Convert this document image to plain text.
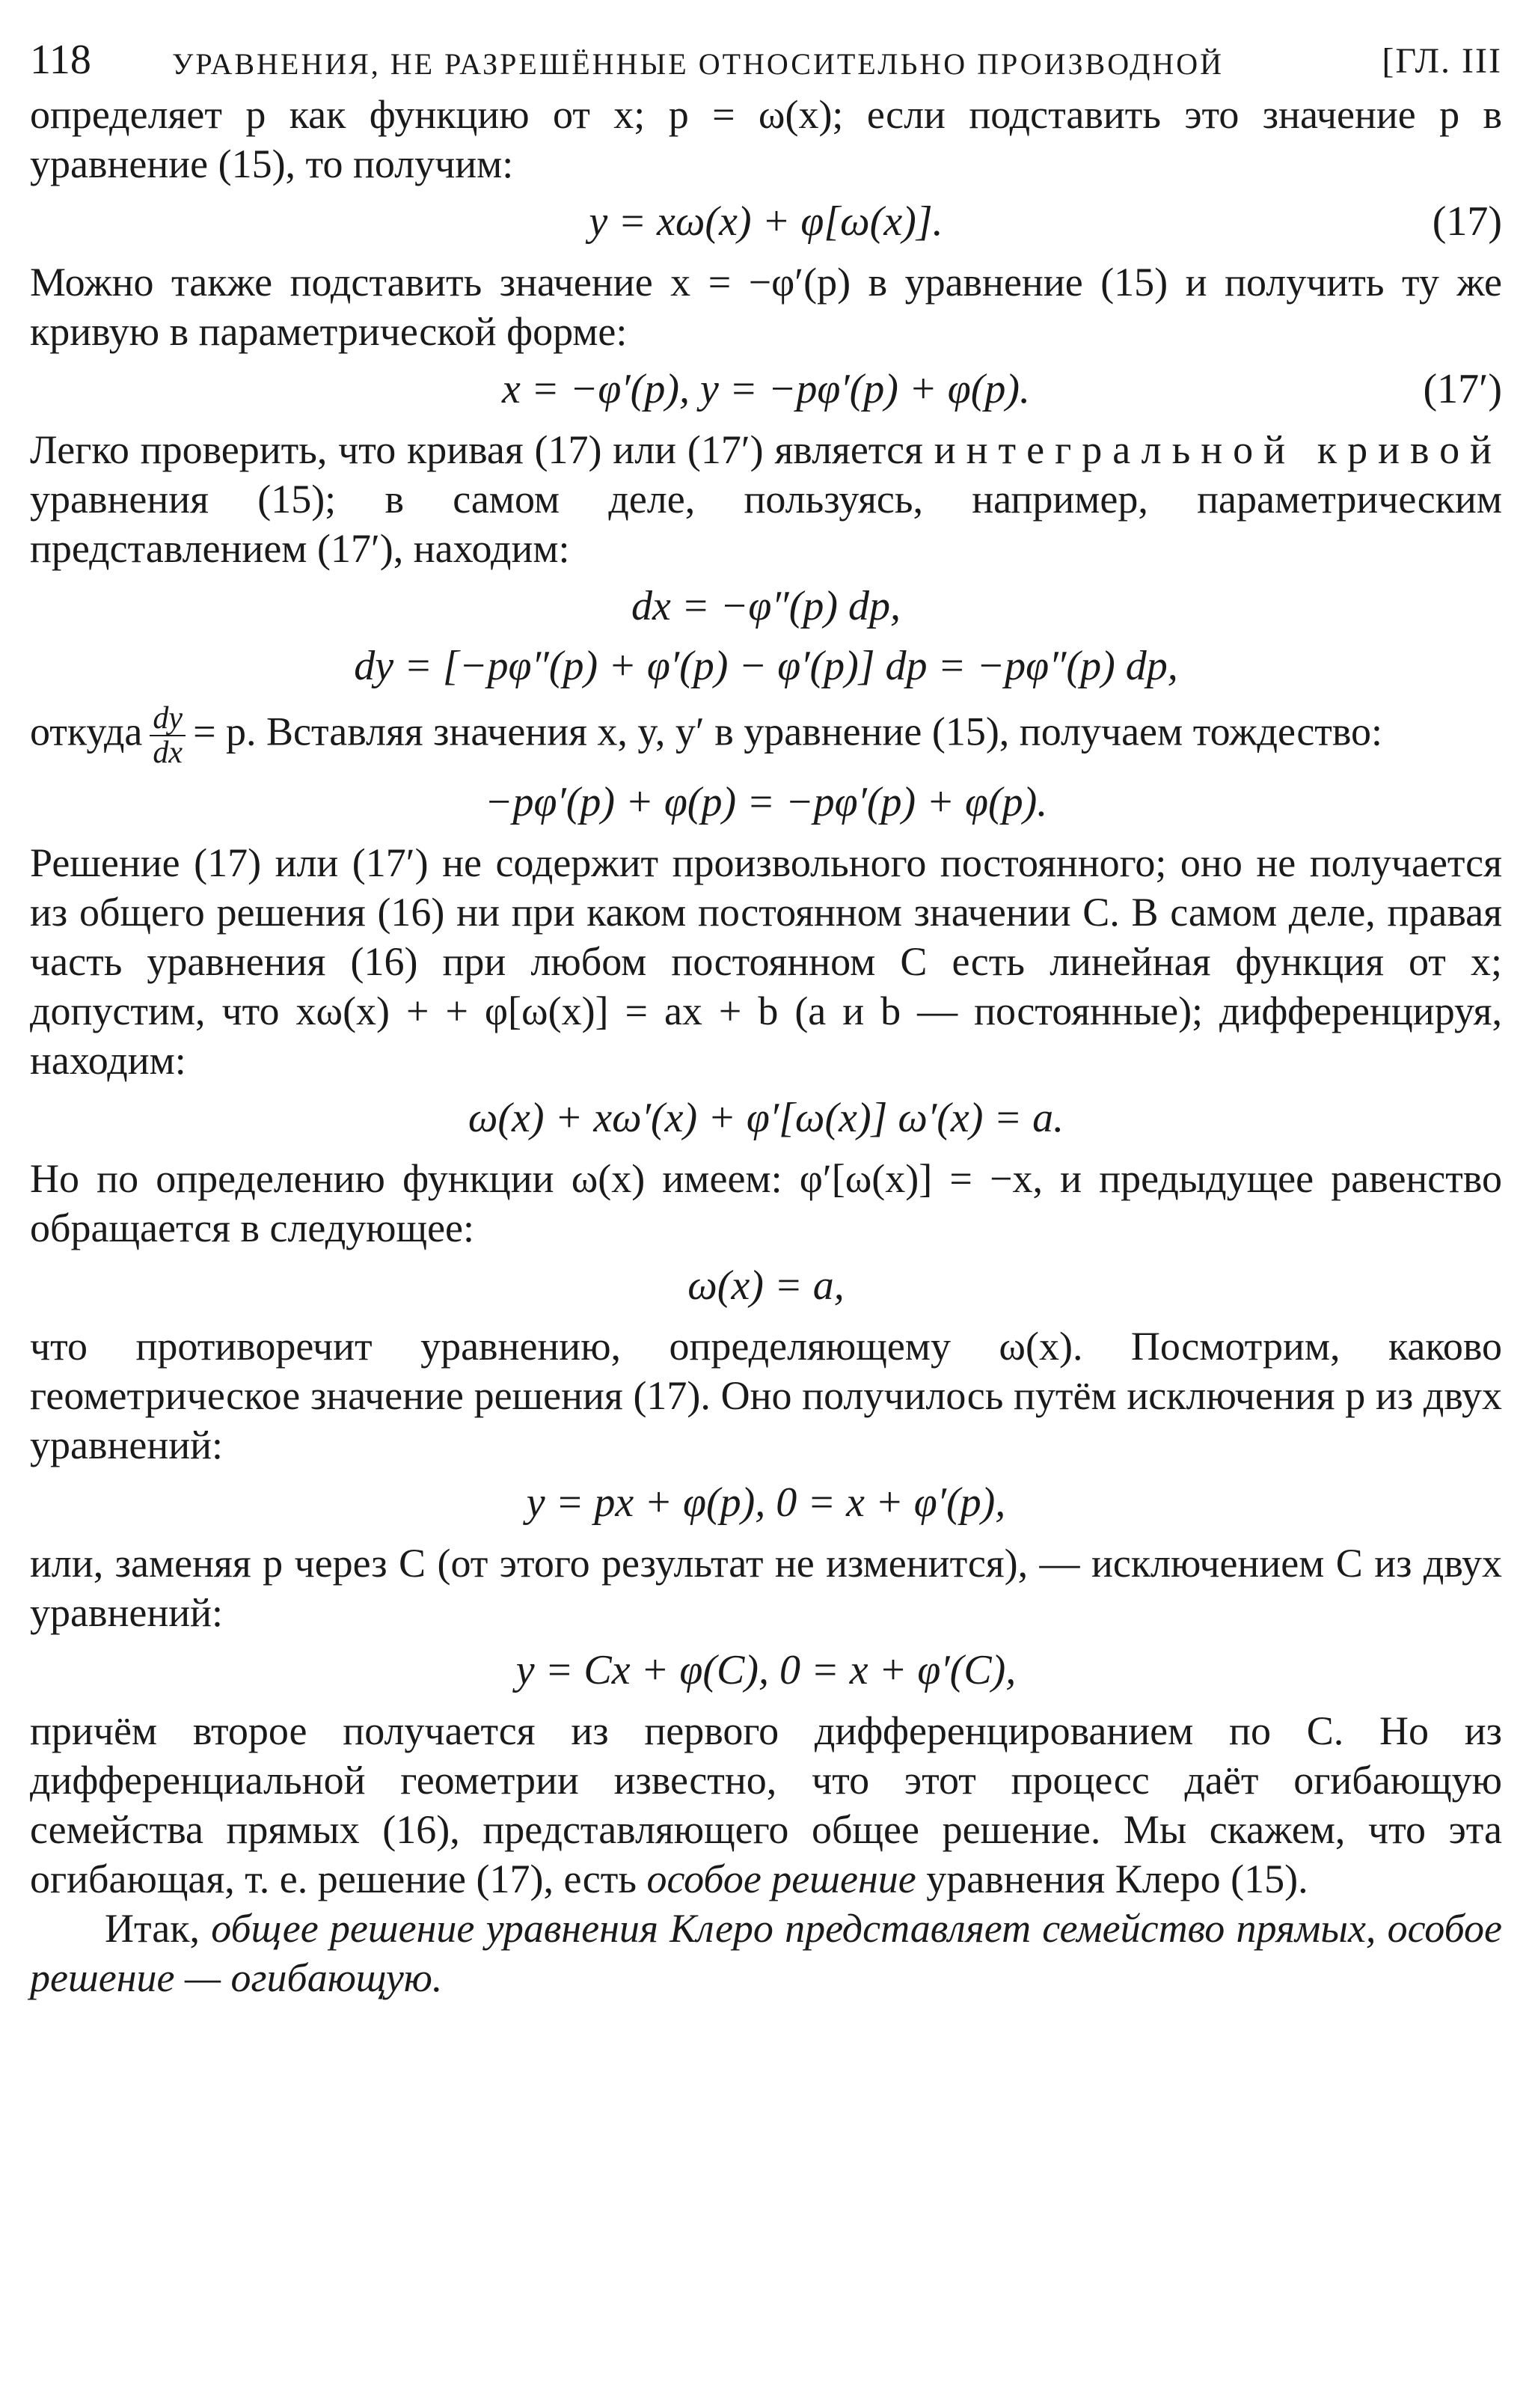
118	УРАВНЕНИЯ, НЕ РАЗРЕШЁННЫЕ ОТНОСИТЕЛЬНО ПРОИЗВОДНОЙ	[ГЛ. III

определяет p как функцию от x; p = ω(x); если подставить это значение p в уравнение (15), то получим:

y = xω(x) + φ[ω(x)].	(17)

Можно также подставить значение x = −φ′(p) в уравнение (15) и получить ту же кривую в параметрической форме:

x = −φ′(p), y = −pφ′(p) + φ(p).	(17′)

Легко проверить, что кривая (17) или (17′) является интегральной кривой уравнения (15); в самом деле, пользуясь, например, параметрическим представлением (17′), находим:

dx = −φ″(p) dp,
dy = [−pφ″(p) + φ′(p) − φ′(p)] dp = −pφ″(p) dp,

откуда $\frac{dy}{dx} = p$. Вставляя значения x, y, y′ в уравнение (15), получаем тождество:

−pφ′(p) + φ(p) = −pφ′(p) + φ(p).

Решение (17) или (17′) не содержит произвольного постоянного; оно не получается из общего решения (16) ни при каком постоянном значении C. В самом деле, правая часть уравнения (16) при любом постоянном C есть линейная функция от x; допустим, что xω(x) + + φ[ω(x)] = ax + b (a и b — постоянные); дифференцируя, находим:

ω(x) + xω′(x) + φ′[ω(x)] ω′(x) = a.

Но по определению функции ω(x) имеем: φ′[ω(x)] = −x, и предыдущее равенство обращается в следующее:

ω(x) = a,

что противоречит уравнению, определяющему ω(x). Посмотрим, каково геометрическое значение решения (17). Оно получилось путём исключения p из двух уравнений:

y = px + φ(p), 0 = x + φ′(p),

или, заменяя p через C (от этого результат не изменится), — исключением C из двух уравнений:

y = Cx + φ(C), 0 = x + φ′(C),

причём второе получается из первого дифференцированием по C. Но из дифференциальной геометрии известно, что этот процесс даёт огибающую семейства прямых (16), представляющего общее решение. Мы скажем, что эта огибающая, т. е. решение (17), есть особое решение уравнения Клеро (15).

Итак, общее решение уравнения Клеро представляет семейство прямых, особое решение — огибающую.
